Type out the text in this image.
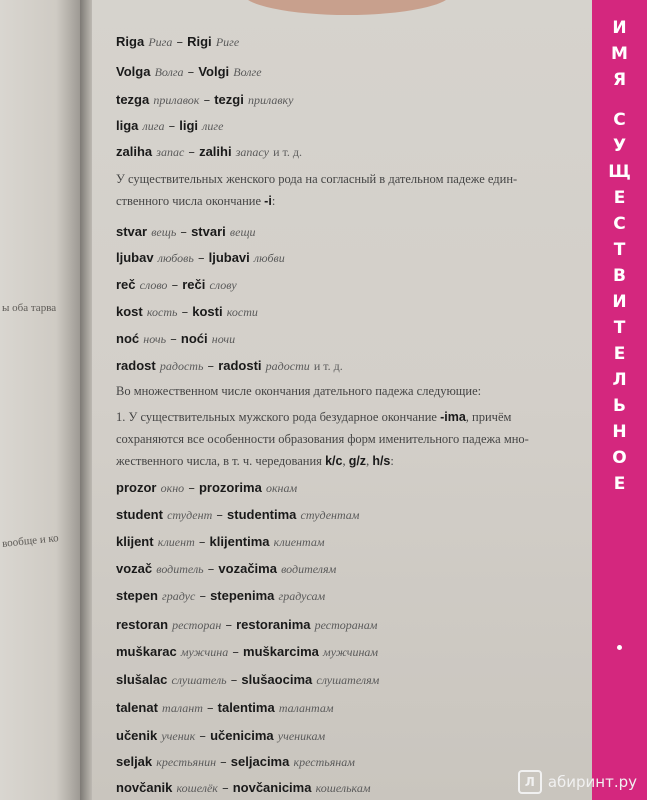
ы оба тарва
вообще и ко
И
М
Я
С
У
Щ
Е
С
Т
В
И
Т
Е
Л
Ь
Н
О
Е
Riga Рига – Rigi Риге
Volga Волга – Volgi Волге
tezga прилавок – tezgi прилавку
liga лига – ligi лиге
zaliha запас – zalihi запасу и т. д.
У существительных женского рода на согласный в дательном падеже един-
ственного числа окончание -i:
stvar вещь – stvari вещи
ljubav любовь – ljubavi любви
reč слово – reči слову
kost кость – kosti кости
noć ночь – noći ночи
radost радость – radosti радости и т. д.
Во множественном числе окончания дательного падежа следующие:
1. У существительных мужского рода безударное окончание -ima, причём
сохраняются все особенности образования форм именительного падежа мно-
жественного числа, в т. ч. чередования k/c, g/z, h/s:
prozor окно – prozorima окнам
student студент – studentima студентам
klijent клиент – klijentima клиентам
vozač водитель – vozačima водителям
stepen градус – stepenima градусам
restoran ресторан – restoranima ресторанам
muškarac мужчина – muškarcima мужчинам
slušalac слушатель – slušaocima слушателям
talenat талант – talentima талантам
učenik ученик – učenicima ученикам
seljak крестьянин – seljacima крестьянам
novčanik кошелёк – novčanicima кошелькам	Л абиринт.ру
